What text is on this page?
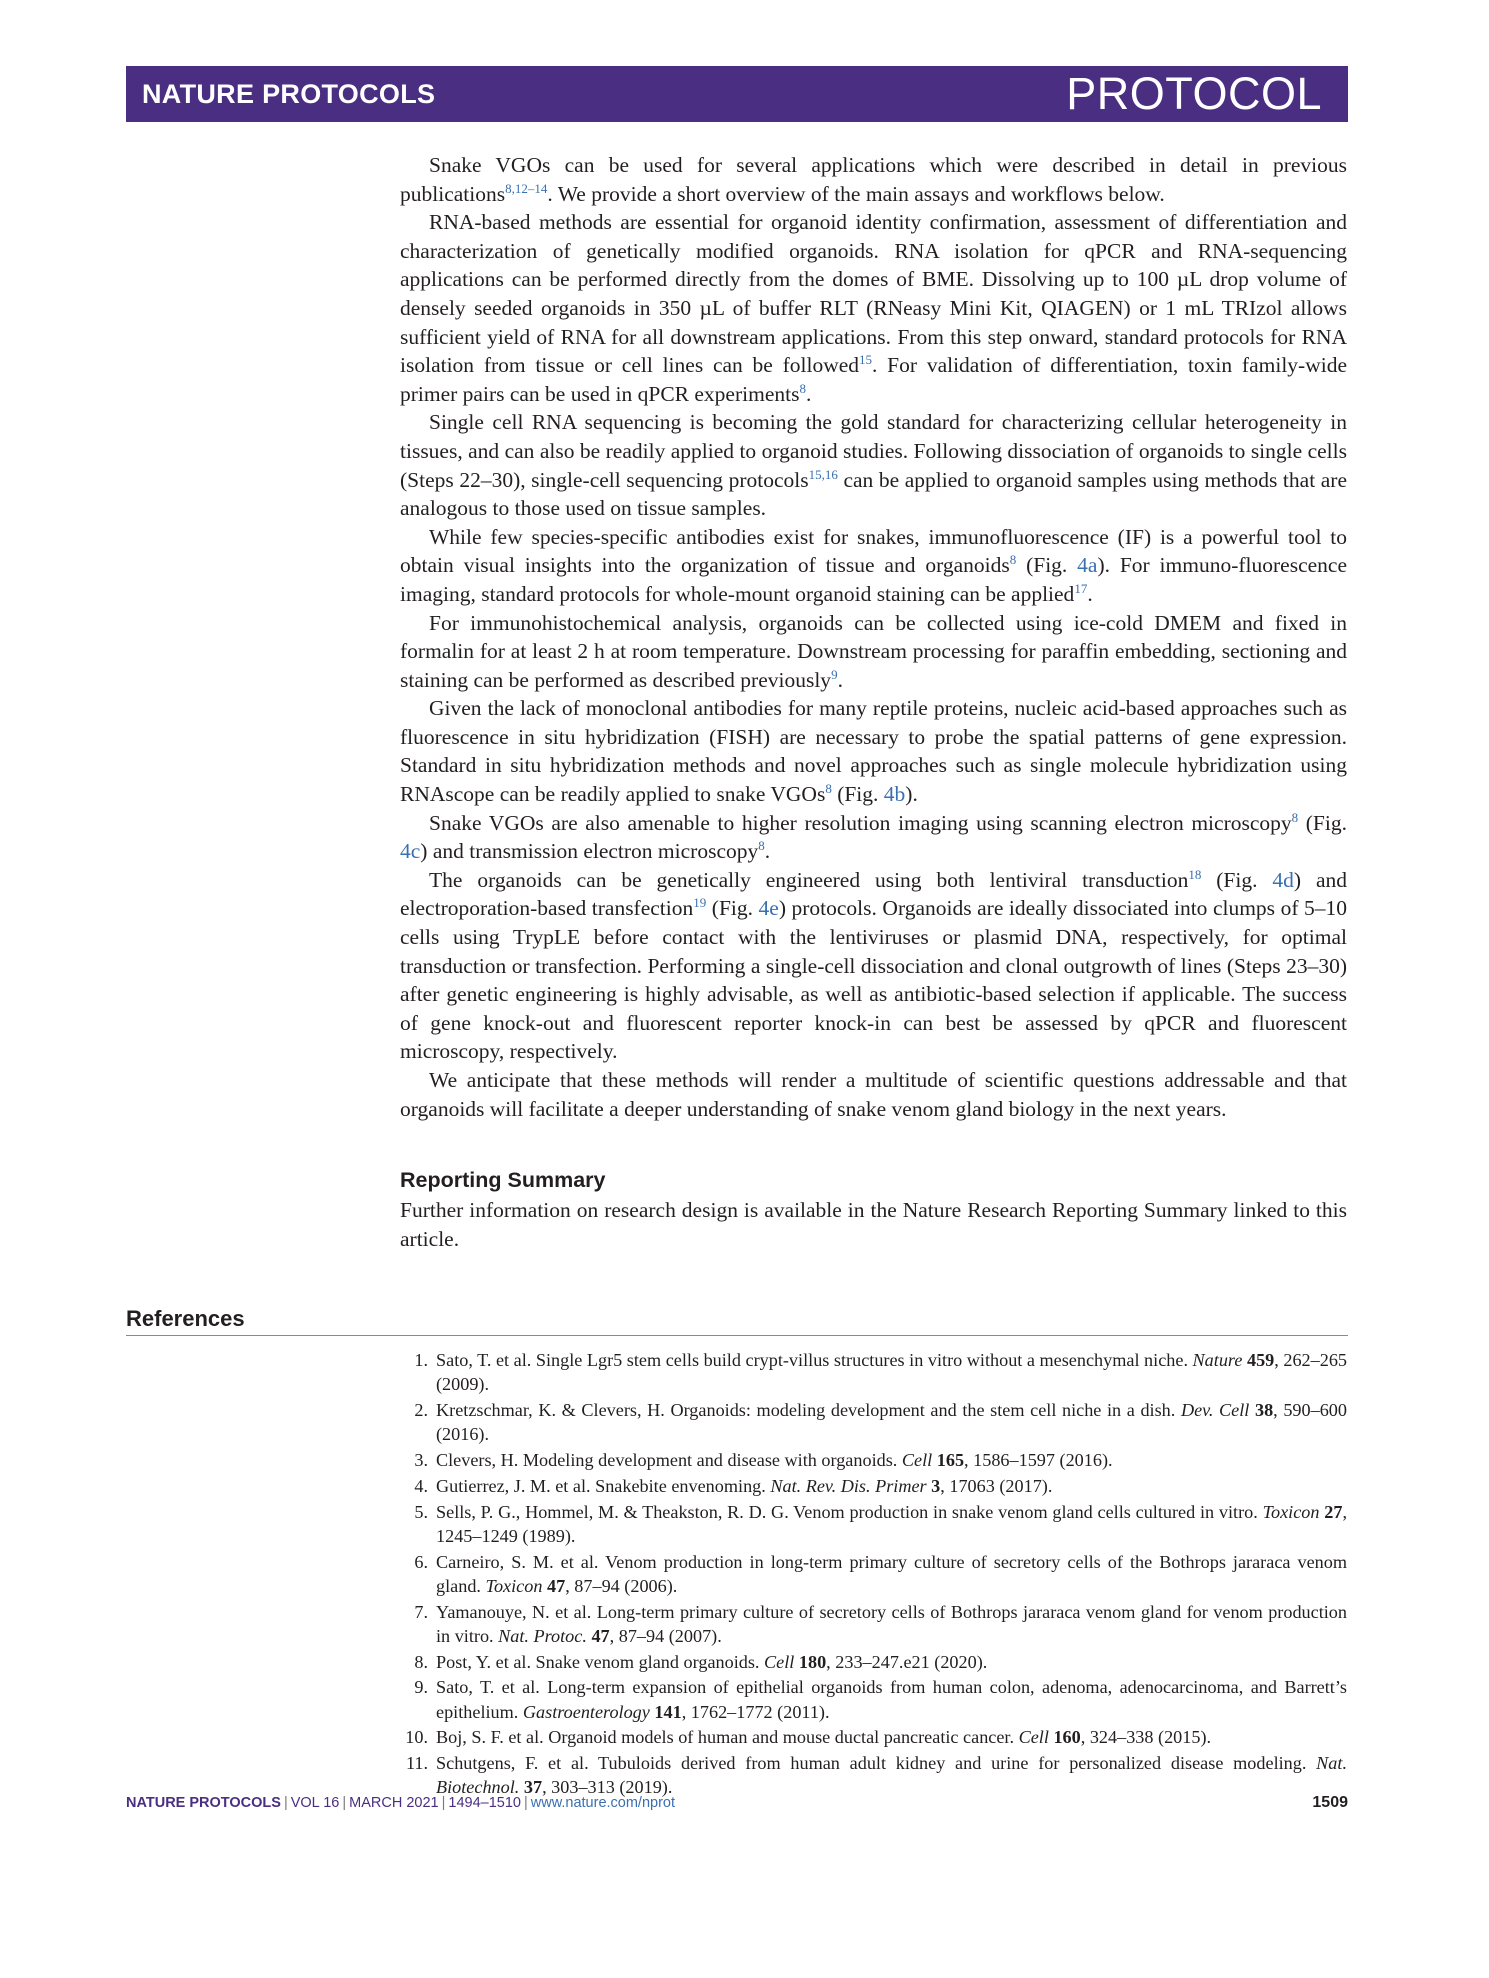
NATURE PROTOCOLS	PROTOCOL

Snake VGOs can be used for several applications which were described in detail in previous publications$^{8,12-14}$. We provide a short overview of the main assays and workflows below.

RNA-based methods are essential for organoid identity confirmation, assessment of differentiation and characterization of genetically modified organoids. RNA isolation for qPCR and RNA-sequencing applications can be performed directly from the domes of BME. Dissolving up to 100 µL drop volume of densely seeded organoids in 350 µL of buffer RLT (RNeasy Mini Kit, QIAGEN) or 1 mL TRIzol allows sufficient yield of RNA for all downstream applications. From this step onward, standard protocols for RNA isolation from tissue or cell lines can be followed$^{15}$. For validation of differentiation, toxin family-wide primer pairs can be used in qPCR experiments$^8$.

Single cell RNA sequencing is becoming the gold standard for characterizing cellular heterogeneity in tissues, and can also be readily applied to organoid studies. Following dissociation of organoids to single cells (Steps 22–30), single-cell sequencing protocols$^{15,16}$ can be applied to organoid samples using methods that are analogous to those used on tissue samples.

While few species-specific antibodies exist for snakes, immunofluorescence (IF) is a powerful tool to obtain visual insights into the organization of tissue and organoids$^8$ (Fig. 4a). For immuno-fluorescence imaging, standard protocols for whole-mount organoid staining can be applied$^{17}$.

For immunohistochemical analysis, organoids can be collected using ice-cold DMEM and fixed in formalin for at least 2 h at room temperature. Downstream processing for paraffin embedding, sectioning and staining can be performed as described previously$^9$.

Given the lack of monoclonal antibodies for many reptile proteins, nucleic acid-based approaches such as fluorescence in situ hybridization (FISH) are necessary to probe the spatial patterns of gene expression. Standard in situ hybridization methods and novel approaches such as single molecule hybridization using RNAscope can be readily applied to snake VGOs$^8$ (Fig. 4b).

Snake VGOs are also amenable to higher resolution imaging using scanning electron microscopy$^8$ (Fig. 4c) and transmission electron microscopy$^8$.

The organoids can be genetically engineered using both lentiviral transduction$^{18}$ (Fig. 4d) and electroporation-based transfection$^{19}$ (Fig. 4e) protocols. Organoids are ideally dissociated into clumps of 5–10 cells using TrypLE before contact with the lentiviruses or plasmid DNA, respectively, for optimal transduction or transfection. Performing a single-cell dissociation and clonal outgrowth of lines (Steps 23–30) after genetic engineering is highly advisable, as well as antibiotic-based selection if applicable. The success of gene knock-out and fluorescent reporter knock-in can best be assessed by qPCR and fluorescent microscopy, respectively.

We anticipate that these methods will render a multitude of scientific questions addressable and that organoids will facilitate a deeper understanding of snake venom gland biology in the next years.

Reporting Summary

Further information on research design is available in the Nature Research Reporting Summary linked to this article.

References
1. Sato, T. et al. Single Lgr5 stem cells build crypt-villus structures in vitro without a mesenchymal niche. Nature 459, 262–265 (2009).
2. Kretzschmar, K. & Clevers, H. Organoids: modeling development and the stem cell niche in a dish. Dev. Cell 38, 590–600 (2016).
3. Clevers, H. Modeling development and disease with organoids. Cell 165, 1586–1597 (2016).
4. Gutierrez, J. M. et al. Snakebite envenoming. Nat. Rev. Dis. Primer 3, 17063 (2017).
5. Sells, P. G., Hommel, M. & Theakston, R. D. G. Venom production in snake venom gland cells cultured in vitro. Toxicon 27, 1245–1249 (1989).
6. Carneiro, S. M. et al. Venom production in long-term primary culture of secretory cells of the Bothrops jararaca venom gland. Toxicon 47, 87–94 (2006).
7. Yamanouye, N. et al. Long-term primary culture of secretory cells of Bothrops jararaca venom gland for venom production in vitro. Nat. Protoc. 47, 87–94 (2007).
8. Post, Y. et al. Snake venom gland organoids. Cell 180, 233–247.e21 (2020).
9. Sato, T. et al. Long-term expansion of epithelial organoids from human colon, adenoma, adenocarcinoma, and Barrett’s epithelium. Gastroenterology 141, 1762–1772 (2011).
10. Boj, S. F. et al. Organoid models of human and mouse ductal pancreatic cancer. Cell 160, 324–338 (2015).
11. Schutgens, F. et al. Tubuloids derived from human adult kidney and urine for personalized disease modeling. Nat. Biotechnol. 37, 303–313 (2019).
NATURE PROTOCOLS | VOL 16 | MARCH 2021 | 1494–1510 | www.nature.com/nprot	1509
